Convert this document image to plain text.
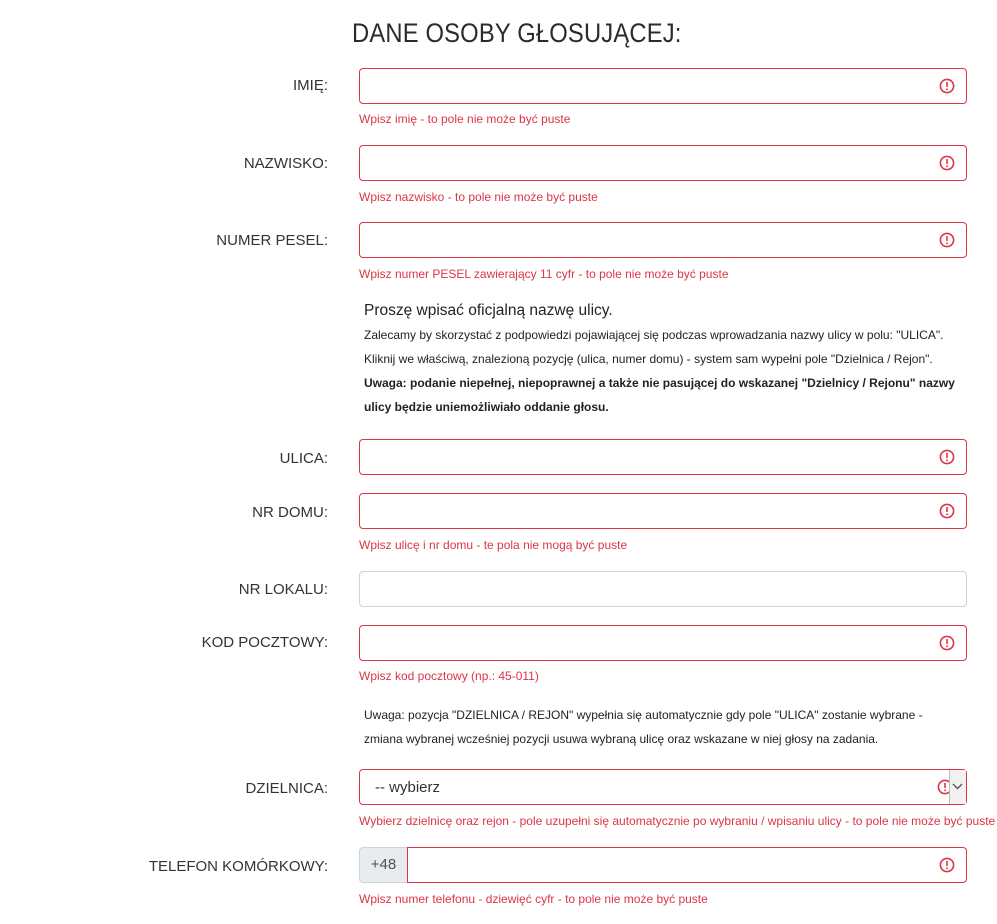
DANE OSOBY GŁOSUJĄCEJ:
IMIĘ:
Wpisz imię - to pole nie może być puste
NAZWISKO:
Wpisz nazwisko - to pole nie może być puste
NUMER PESEL:
Wpisz numer PESEL zawierający 11 cyfr - to pole nie może być puste
Proszę wpisać oficjalną nazwę ulicy.
Zalecamy by skorzystać z podpowiedzi pojawiającej się podczas wprowadzania nazwy ulicy w polu: "ULICA". Kliknij we właściwą, znalezioną pozycję (ulica, numer domu) - system sam wypełni pole "Dzielnica / Rejon". Uwaga: podanie niepełnej, niepoprawnej a także nie pasującej do wskazanej "Dzielnicy / Rejonu" nazwy ulicy będzie uniemożliwiało oddanie głosu.
ULICA:
NR DOMU:
Wpisz ulicę i nr domu - te pola nie mogą być puste
NR LOKALU:
KOD POCZTOWY:
Wpisz kod pocztowy (np.: 45-011)
Uwaga: pozycja "DZIELNICA / REJON" wypełnia się automatycznie gdy pole "ULICA" zostanie wybrane - zmiana wybranej wcześniej pozycji usuwa wybraną ulicę oraz wskazane w niej głosy na zadania.
DZIELNICA:	-- wybierz
Wybierz dzielnicę oraz rejon - pole uzupełni się automatycznie po wybraniu / wpisaniu ulicy - to pole nie może być puste
TELEFON KOMÓRKOWY:	+48
Wpisz numer telefonu - dziewięć cyfr - to pole nie może być puste
